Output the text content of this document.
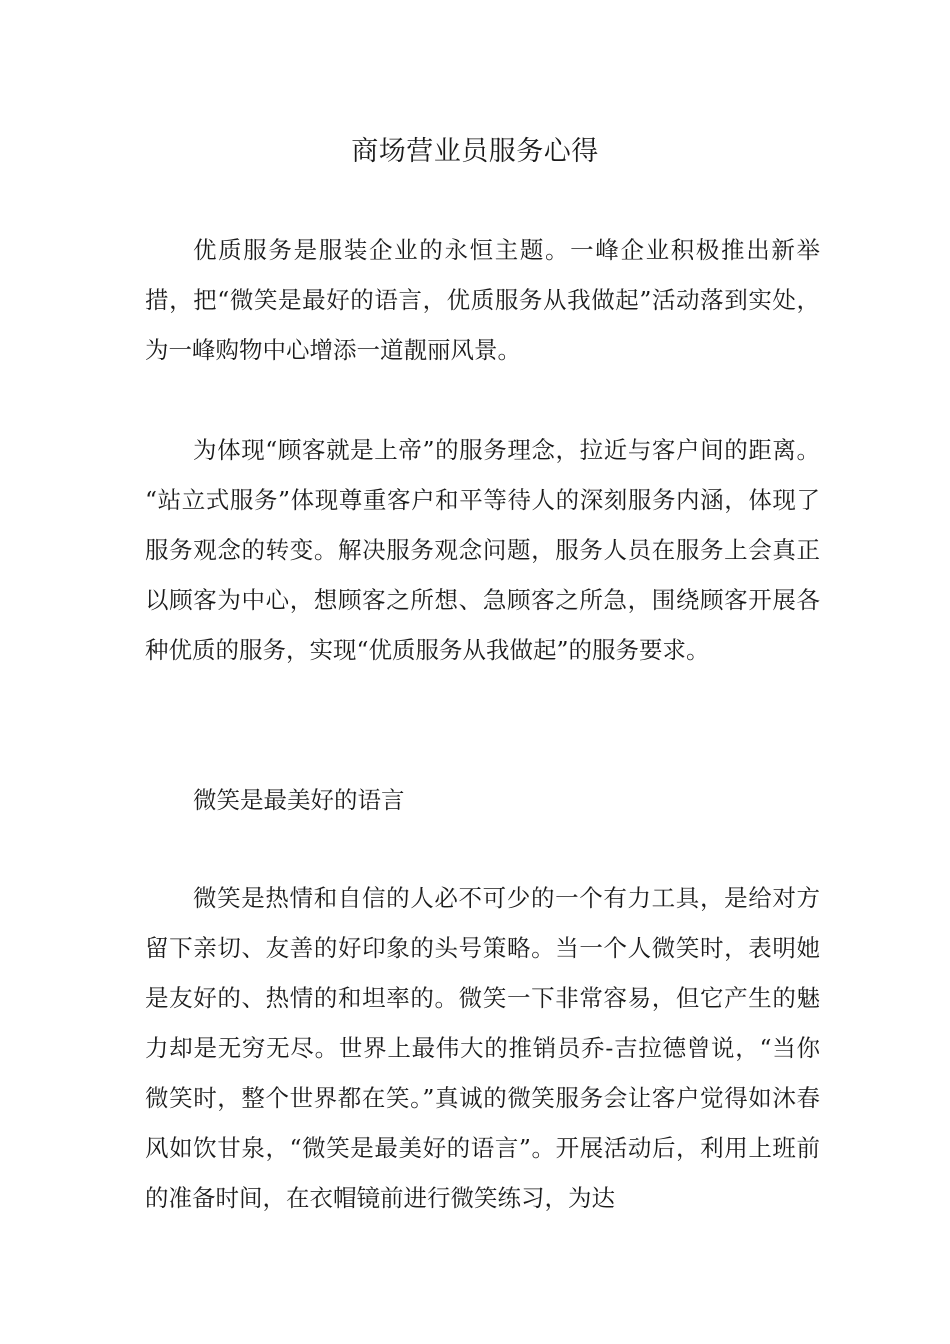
商场营业员服务心得

优质服务是服装企业的永恒主题。一峰企业积极推出新举措，把“微笑是最好的语言，优质服务从我做起”活动落到实处，为一峰购物中心增添一道靓丽风景。

为体现“顾客就是上帝”的服务理念，拉近与客户间的距离。 “站立式服务”体现尊重客户和平等待人的深刻服务内涵，体现了服务观念的转变。解决服务观念问题，服务人员在服务上会真正以顾客为中心，想顾客之所想、急顾客之所急，围绕顾客开展各种优质的服务，实现“优质服务从我做起”的服务要求。

微笑是最美好的语言

微笑是热情和自信的人必不可少的一个有力工具，是给对方留下亲切、友善的好印象的头号策略。当一个人微笑时，表明她是友好的、热情的和坦率的。微笑一下非常容易，但它产生的魅力却是无穷无尽。世界上最伟大的推销员乔-吉拉德曾说，“当你微笑时，整个世界都在笑。”真诚的微笑服务会让客户觉得如沐春风如饮甘泉，“微笑是最美好的语言”。开展活动后，利用上班前的准备时间，在衣帽镜前进行微笑练习，为达
